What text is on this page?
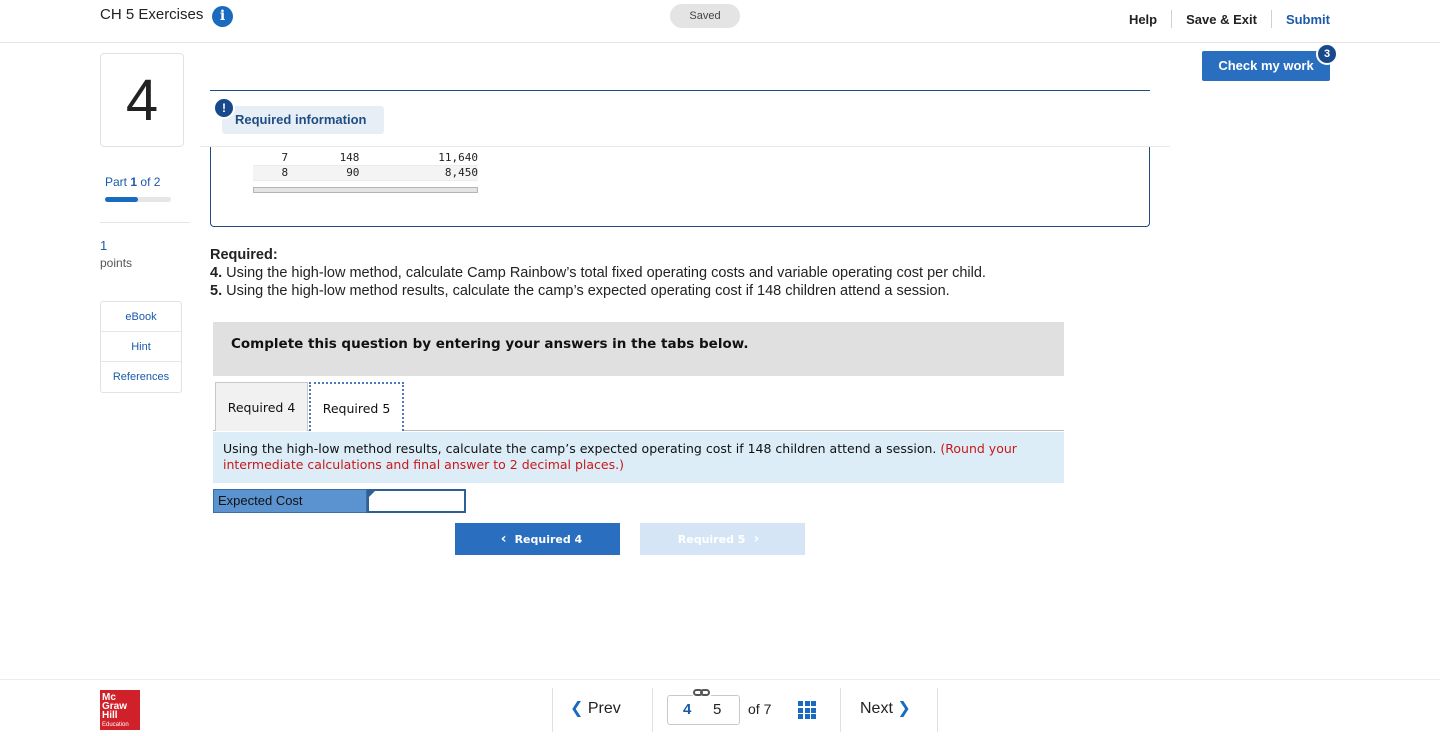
CH 5 Exercises	i	Saved	Help	Save & Exit	Submit
4
Part 1 of 2
1
points
eBook
Hint
References
Check my work
3
7	148	11,640
8	90	8,450
Required information
!
Required:
4. Using the high-low method, calculate Camp Rainbow’s total fixed operating costs and variable operating cost per child.
5. Using the high-low method results, calculate the camp’s expected operating cost if 148 children attend a session.
Complete this question by entering your answers in the tabs below.
Required 4	Required 5
Using the high-low method results, calculate the camp’s expected operating cost if 148 children attend a session. (Round your intermediate calculations and final answer to 2 decimal places.)
Expected Cost
‹ Required 4	Required 5 ›
Mc
Graw
Hill
Education
❮ Prev	4 5 of 7	Next ❯
